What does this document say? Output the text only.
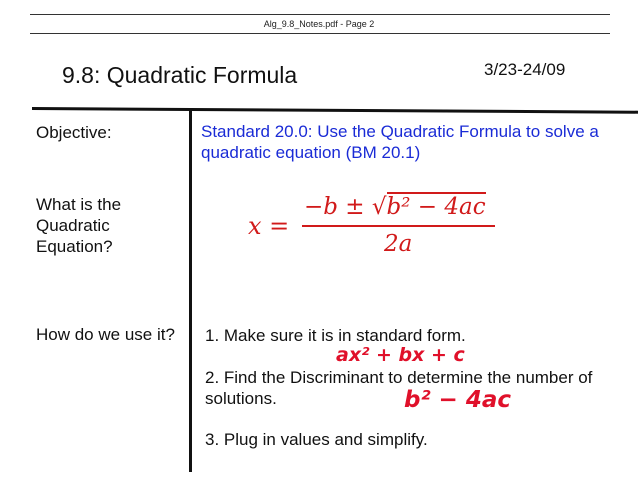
Alg_9.8_Notes.pdf - Page 2
9.8: Quadratic Formula	3/23-24/09
Objective:	Standard 20.0: Use the Quadratic Formula to solve a quadratic equation (BM 20.1)
What is the Quadratic Equation?
x =
−b ± √b² − 4ac
2a
How do we use it?	1. Make sure it is in standard form.
ax² + bx + c
2. Find the Discriminant to determine the number of solutions.	b² − 4ac
3. Plug in values and simplify.
